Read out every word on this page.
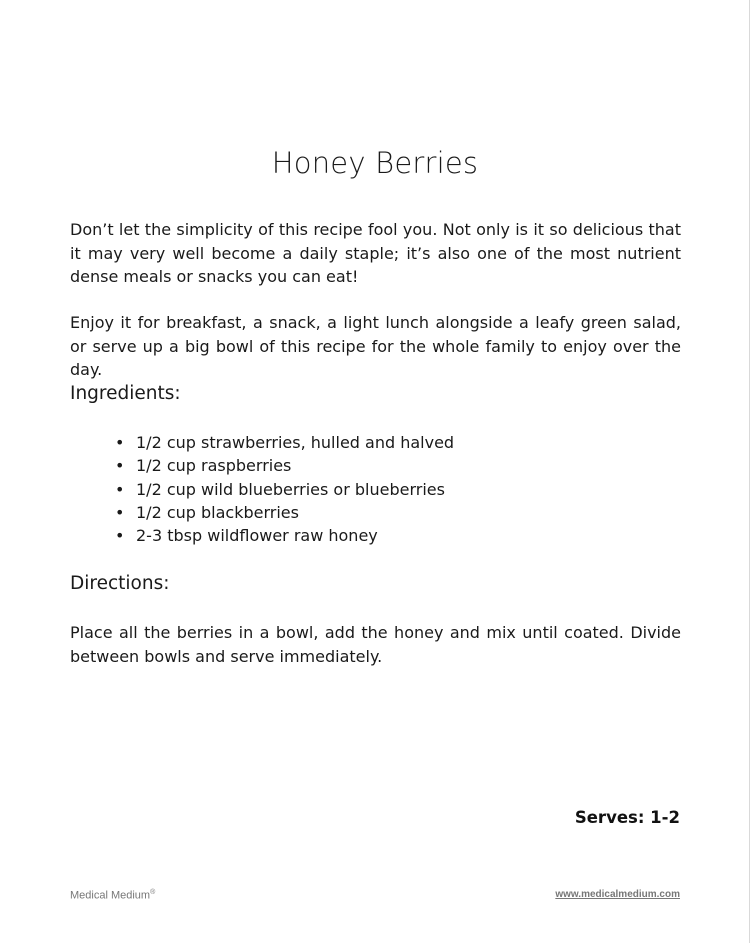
Honey Berries

Don’t let the simplicity of this recipe fool you. Not only is it so delicious that it may very well become a daily staple; it’s also one of the most nutrient dense meals or snacks you can eat!

Enjoy it for breakfast, a snack, a light lunch alongside a leafy green salad, or serve up a big bowl of this recipe for the whole family to enjoy over the day.

Ingredients:
• 1/2 cup strawberries, hulled and halved
• 1/2 cup raspberries
• 1/2 cup wild blueberries or blueberries
• 1/2 cup blackberries
• 2-3 tbsp wildflower raw honey
Directions:

Place all the berries in a bowl, add the honey and mix until coated. Divide between bowls and serve immediately.

Serves: 1-2

Medical Medium®	www.medicalmedium.com
